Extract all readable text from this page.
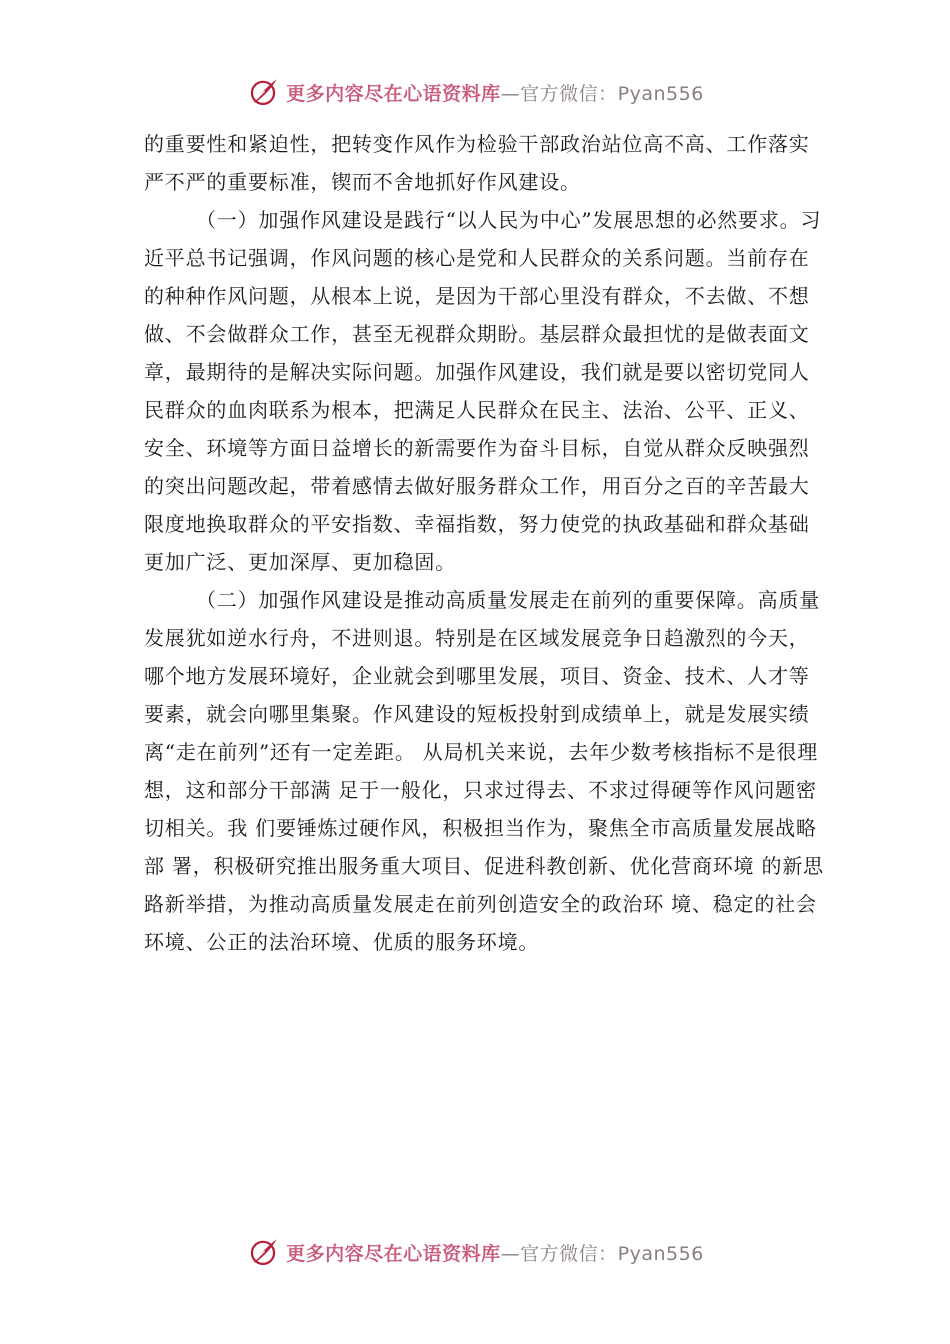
更多内容尽在心语资料库—官方微信：Pyan556

的重要性和紧迫性，把转变作风作为检验干部政治站位高不高、工作落实严不严的重要标准，锲而不舍地抓好作风建设。

（一）加强作风建设是践行“以人民为中心”发展思想的必然要求。习近平总书记强调，作风问题的核心是党和人民群众的关系问题。当前存在的种种作风问题，从根本上说，是因为干部心里没有群众，不去做、不想做、不会做群众工作，甚至无视群众期盼。基层群众最担忧的是做表面文章，最期待的是解决实际问题。加强作风建设，我们就是要以密切党同人民群众的血肉联系为根本，把满足人民群众在民主、法治、公平、正义、安全、环境等方面日益增长的新需要作为奋斗目标，自觉从群众反映强烈的突出问题改起，带着感情去做好服务群众工作，用百分之百的辛苦最大限度地换取群众的平安指数、幸福指数，努力使党的执政基础和群众基础更加广泛、更加深厚、更加稳固。

（二）加强作风建设是推动高质量发展走在前列的重要保障。高质量发展犹如逆水行舟，不进则退。特别是在区域发展竞争日趋激烈的今天，哪个地方发展环境好，企业就会到哪里发展，项目、资金、技术、人才等要素，就会向哪里集聚。作风建设的短板投射到成绩单上，就是发展实绩离“走在前列”还有一定差距。 从局机关来说，去年少数考核指标不是很理想，这和部分干部满 足于一般化，只求过得去、不求过得硬等作风问题密切相关。我 们要锤炼过硬作风，积极担当作为，聚焦全市高质量发展战略部 署，积极研究推出服务重大项目、促进科教创新、优化营商环境 的新思路新举措，为推动高质量发展走在前列创造安全的政治环 境、稳定的社会环境、公正的法治环境、优质的服务环境。

更多内容尽在心语资料库—官方微信：Pyan556
